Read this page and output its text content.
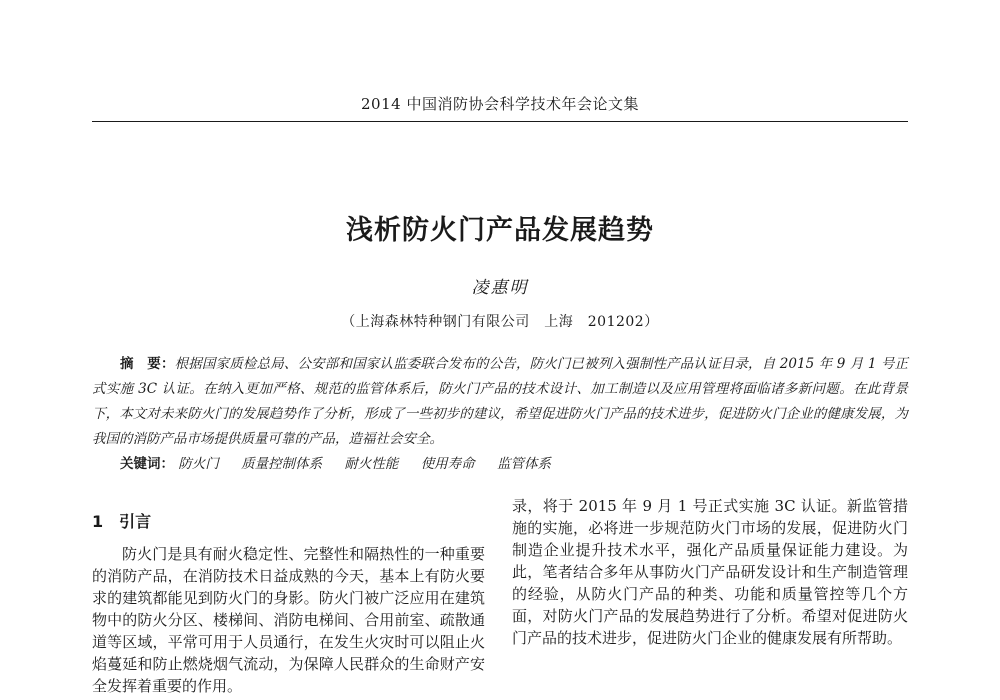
2014 中国消防协会科学技术年会论文集
浅析防火门产品发展趋势
凌惠明
（上海森林特种钢门有限公司　上海　201202）
摘　要：根据国家质检总局、公安部和国家认监委联合发布的公告，防火门已被列入强制性产品认证目录，自 2015 年 9 月 1 号正式实施 3C 认证。在纳入更加严格、规范的监管体系后，防火门产品的技术设计、加工制造以及应用管理将面临诸多新问题。在此背景下，本文对未来防火门的发展趋势作了分析，形成了一些初步的建议，希望促进防火门产品的技术进步，促进防火门企业的健康发展，为我国的消防产品市场提供质量可靠的产品，造福社会安全。
关键词： 防火门 质量控制体系 耐火性能 使用寿命 监管体系
1 引言

防火门是具有耐火稳定性、完整性和隔热性的一种重要的消防产品，在消防技术日益成熟的今天，基本上有防火要求的建筑都能见到防火门的身影。防火门被广泛应用在建筑物中的防火分区、楼梯间、消防电梯间、合用前室、疏散通道等区域，平常可用于人员通行，在发生火灾时可以阻止火焰蔓延和防止燃烧烟气流动，为保障人民群众的生命财产安全发挥着重要的作用。

录，将于 2015 年 9 月 1 号正式实施 3C 认证。新监管措施的实施，必将进一步规范防火门市场的发展，促进防火门制造企业提升技术水平，强化产品质量保证能力建设。为此，笔者结合多年从事防火门产品研发设计和生产制造管理的经验，从防火门产品的种类、功能和质量管控等几个方面，对防火门产品的发展趋势进行了分析。希望对促进防火门产品的技术进步，促进防火门企业的健康发展有所帮助。
